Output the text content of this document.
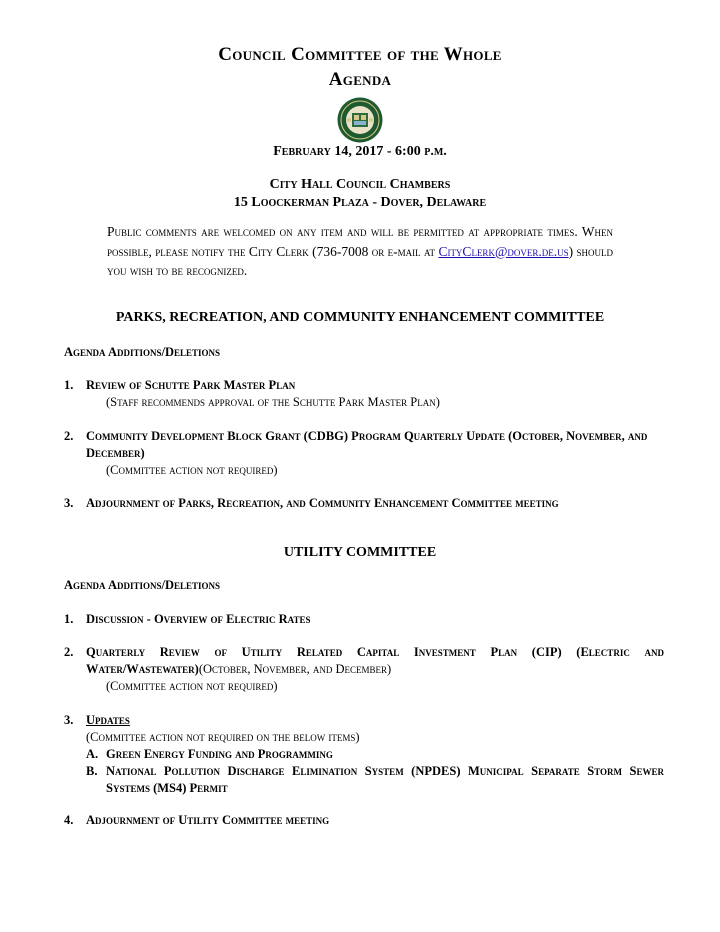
Council Committee of the Whole
Agenda
February 14, 2017 - 6:00 p.m.
City Hall Council Chambers
15 Loockerman Plaza - Dover, Delaware
Public comments are welcomed on any item and will be permitted at appropriate times. When possible, please notify the City Clerk (736-7008 or e-mail at CityClerk@dover.de.us) should you wish to be recognized.
PARKS, RECREATION, AND COMMUNITY ENHANCEMENT COMMITTEE
Agenda Additions/Deletions
1.	Review of Schutte Park Master Plan
(Staff recommends approval of the Schutte Park Master Plan)
2.	Community Development Block Grant (CDBG) Program Quarterly Update (October, November, and December)
(Committee action not required)
3.	Adjournment of Parks, Recreation, and Community Enhancement Committee meeting
UTILITY COMMITTEE
Agenda Additions/Deletions
1.	Discussion - Overview of Electric Rates
2.	Quarterly Review of Utility Related Capital Investment Plan (CIP) (Electric and Water/Wastewater)(October, November, and December)
(Committee action not required)
3.	Updates
(Committee action not required on the below items)
A. Green Energy Funding and Programming
B. National Pollution Discharge Elimination System (NPDES) Municipal Separate Storm Sewer Systems (MS4) Permit
4.	Adjournment of Utility Committee meeting
